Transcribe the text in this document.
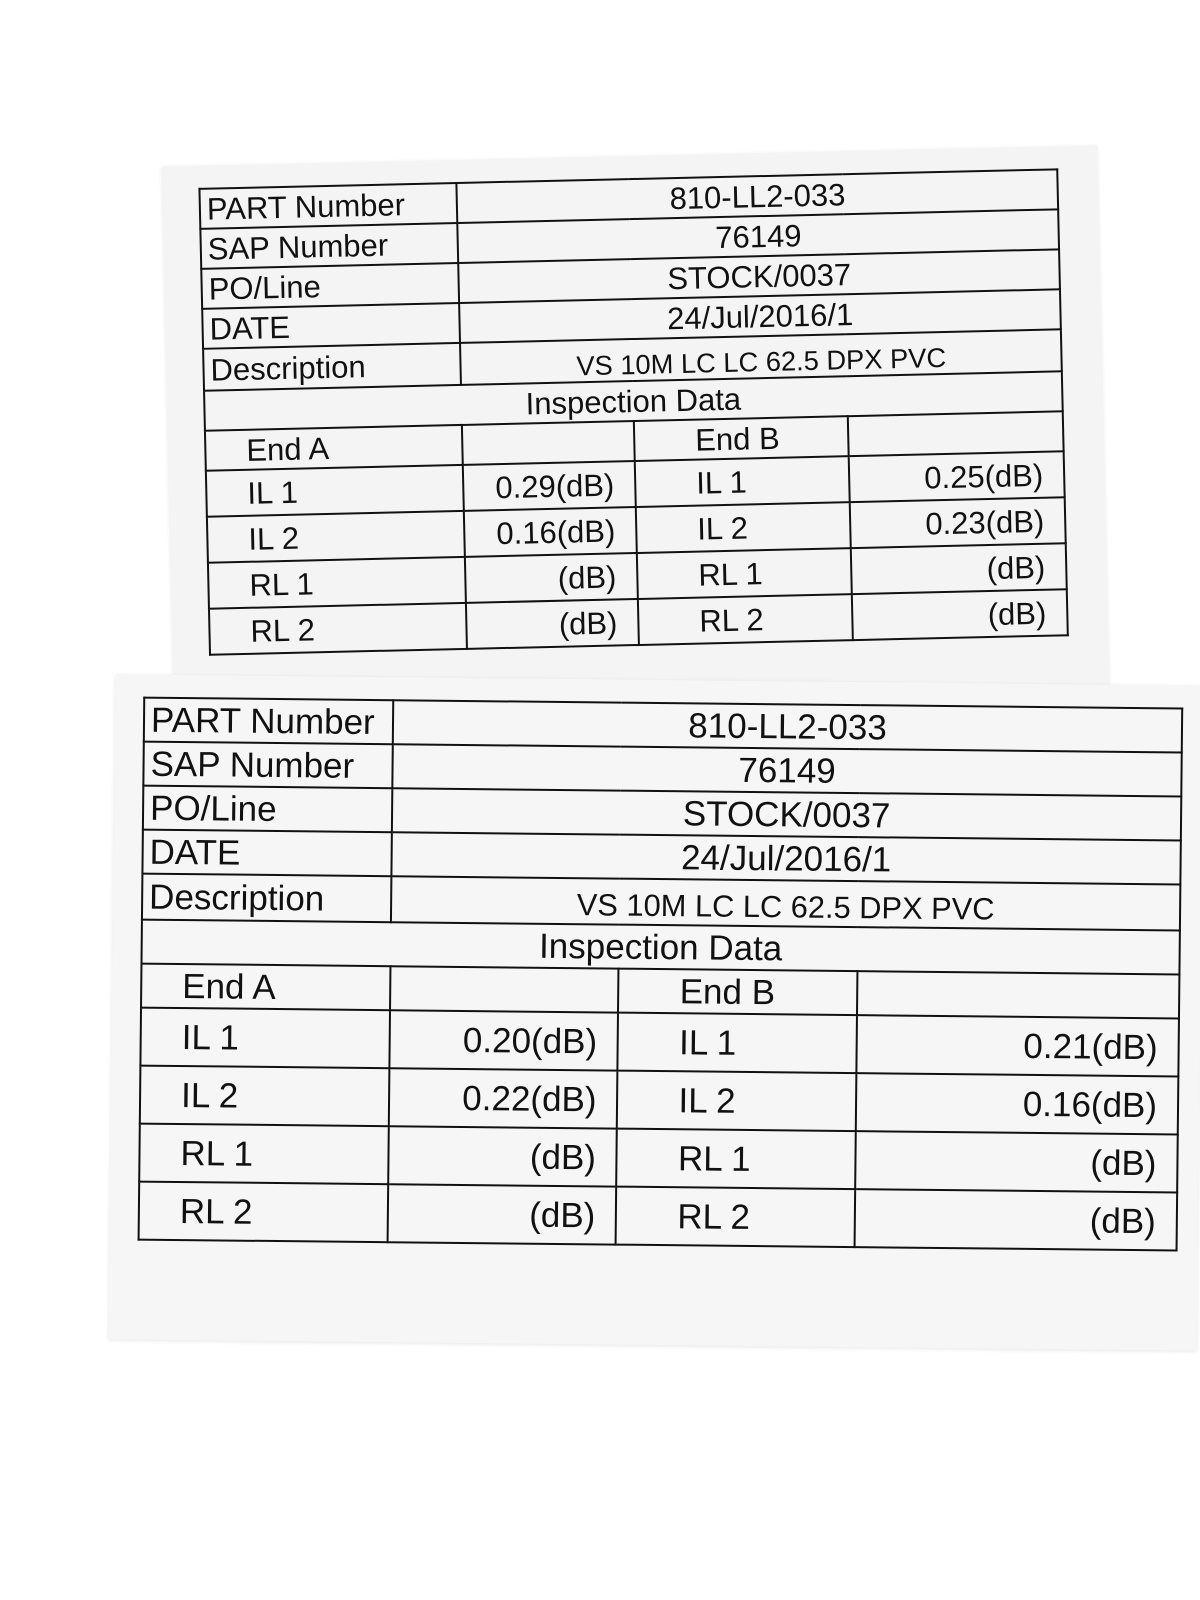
PART Number	810-LL2-033		
SAP Number	76149		
PO/Line	STOCK/0037		
DATE	24/Jul/2016/1		
Description	VS 10M LC LC 62.5 DPX PVC		
Inspection Data			
End A		End B	
IL 1	0.29(dB)	IL 1	0.25(dB)
IL 2	0.16(dB)	IL 2	0.23(dB)
RL 1	(dB)	RL 1	(dB)
RL 2	(dB)	RL 2	(dB)
PART Number	810-LL2-033		
SAP Number	76149		
PO/Line	STOCK/0037		
DATE	24/Jul/2016/1		
Description	VS 10M LC LC 62.5 DPX PVC		
Inspection Data			
End A		End B	
IL 1	0.20(dB)	IL 1	0.21(dB)
IL 2	0.22(dB)	IL 2	0.16(dB)
RL 1	(dB)	RL 1	(dB)
RL 2	(dB)	RL 2	(dB)
